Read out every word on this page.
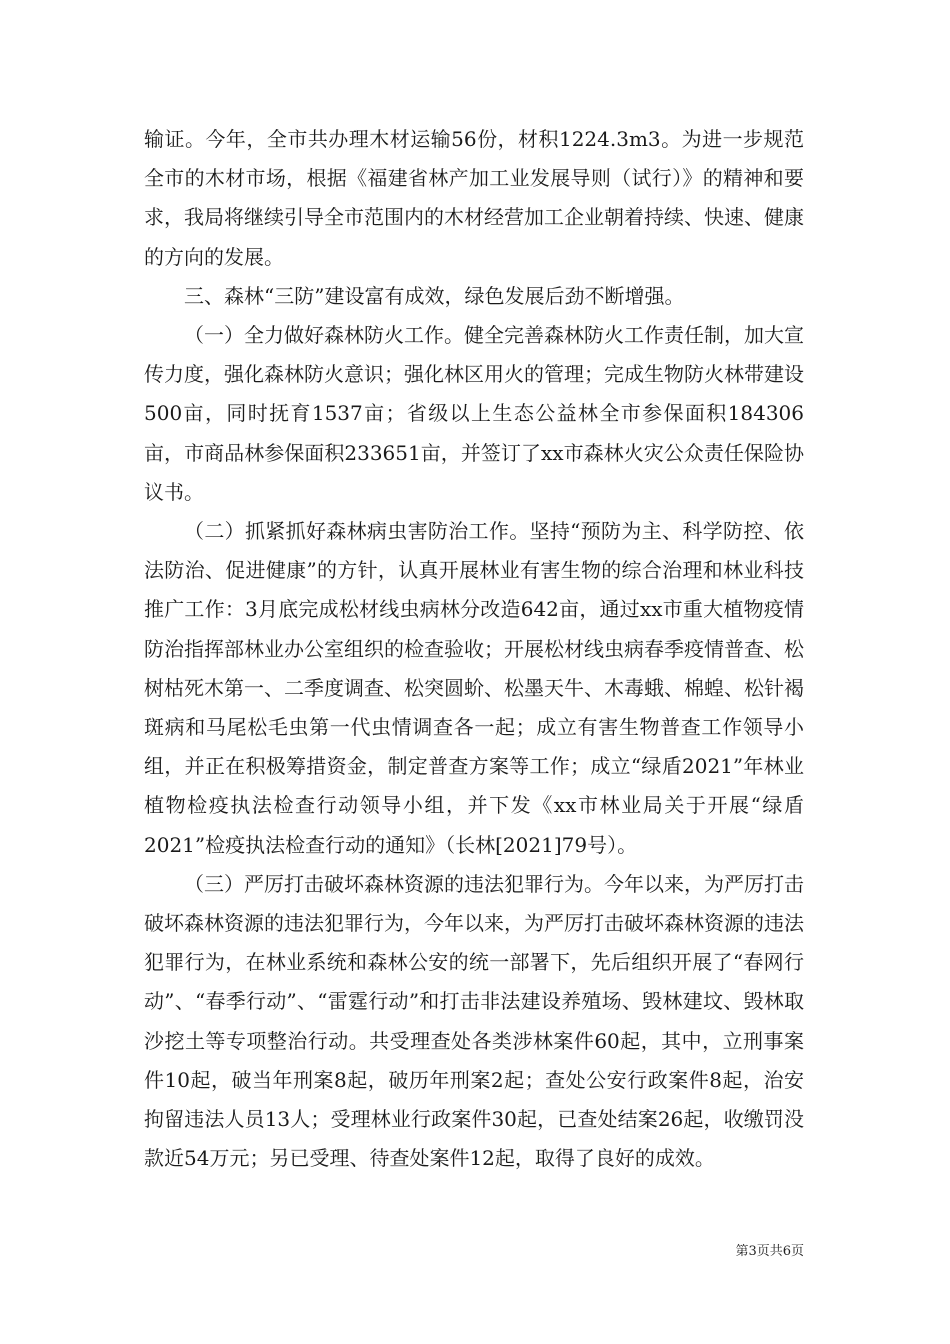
输证。今年，全市共办理木材运输56份，材积1224.3m3。为进一步规范全市的木材市场，根据《福建省林产加工业发展导则（试行）》的精神和要求，我局将继续引导全市范围内的木材经营加工企业朝着持续、快速、健康的方向的发展。

三、森林“三防”建设富有成效，绿色发展后劲不断增强。

（一）全力做好森林防火工作。健全完善森林防火工作责任制，加大宣传力度，强化森林防火意识；强化林区用火的管理；完成生物防火林带建设500亩，同时抚育1537亩；省级以上生态公益林全市参保面积184306亩，市商品林参保面积233651亩，并签订了xx市森林火灾公众责任保险协议书。

（二）抓紧抓好森林病虫害防治工作。坚持“预防为主、科学防控、依法防治、促进健康”的方针，认真开展林业有害生物的综合治理和林业科技推广工作：3月底完成松材线虫病林分改造642亩，通过xx市重大植物疫情防治指挥部林业办公室组织的检查验收；开展松材线虫病春季疫情普查、松树枯死木第一、二季度调查、松突圆蚧、松墨天牛、木毒蛾、棉蝗、松针褐斑病和马尾松毛虫第一代虫情调查各一起；成立有害生物普查工作领导小组，并正在积极筹措资金，制定普查方案等工作；成立“绿盾2021”年林业植物检疫执法检查行动领导小组，并下发《xx市林业局关于开展“绿盾2021”检疫执法检查行动的通知》（长林[2021]79号）。

（三）严厉打击破坏森林资源的违法犯罪行为。今年以来，为严厉打击破坏森林资源的违法犯罪行为，今年以来，为严厉打击破坏森林资源的违法犯罪行为，在林业系统和森林公安的统一部署下，先后组织开展了“春网行动”、“春季行动”、“雷霆行动”和打击非法建设养殖场、毁林建坟、毁林取沙挖土等专项整治行动。共受理查处各类涉林案件60起，其中，立刑事案件10起，破当年刑案8起，破历年刑案2起；查处公安行政案件8起，治安拘留违法人员13人；受理林业行政案件30起，已查处结案26起，收缴罚没款近54万元；另已受理、待查处案件12起，取得了良好的成效。

第3页共6页
